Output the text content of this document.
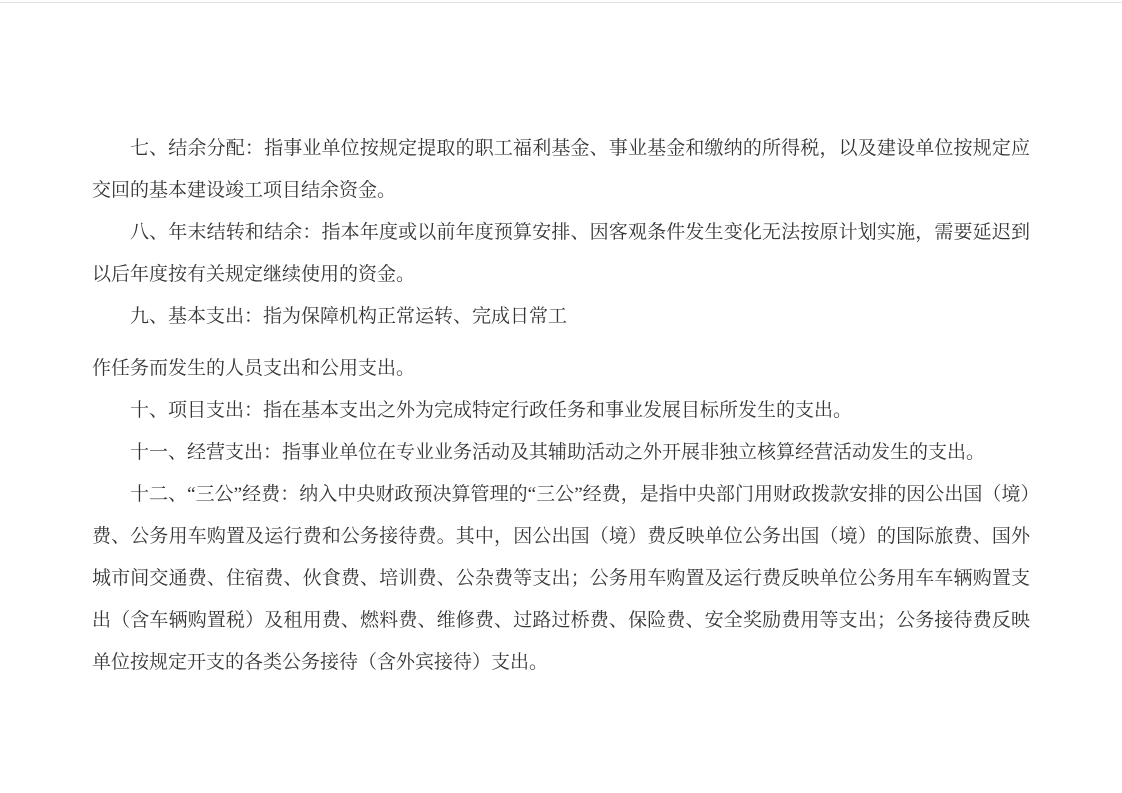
七、结余分配：指事业单位按规定提取的职工福利基金、事业基金和缴纳的所得税，以及建设单位按规定应交回的基本建设竣工项目结余资金。

八、年末结转和结余：指本年度或以前年度预算安排、因客观条件发生变化无法按原计划实施，需要延迟到以后年度按有关规定继续使用的资金。

九、基本支出：指为保障机构正常运转、完成日常工

作任务而发生的人员支出和公用支出。

十、项目支出：指在基本支出之外为完成特定行政任务和事业发展目标所发生的支出。

十一、经营支出：指事业单位在专业业务活动及其辅助活动之外开展非独立核算经营活动发生的支出。

十二、“三公”经费：纳入中央财政预决算管理的“三公”经费，是指中央部门用财政拨款安排的因公出国（境）费、公务用车购置及运行费和公务接待费。其中，因公出国（境）费反映单位公务出国（境）的国际旅费、国外城市间交通费、住宿费、伙食费、培训费、公杂费等支出；公务用车购置及运行费反映单位公务用车车辆购置支出（含车辆购置税）及租用费、燃料费、维修费、过路过桥费、保险费、安全奖励费用等支出；公务接待费反映单位按规定开支的各类公务接待（含外宾接待）支出。
